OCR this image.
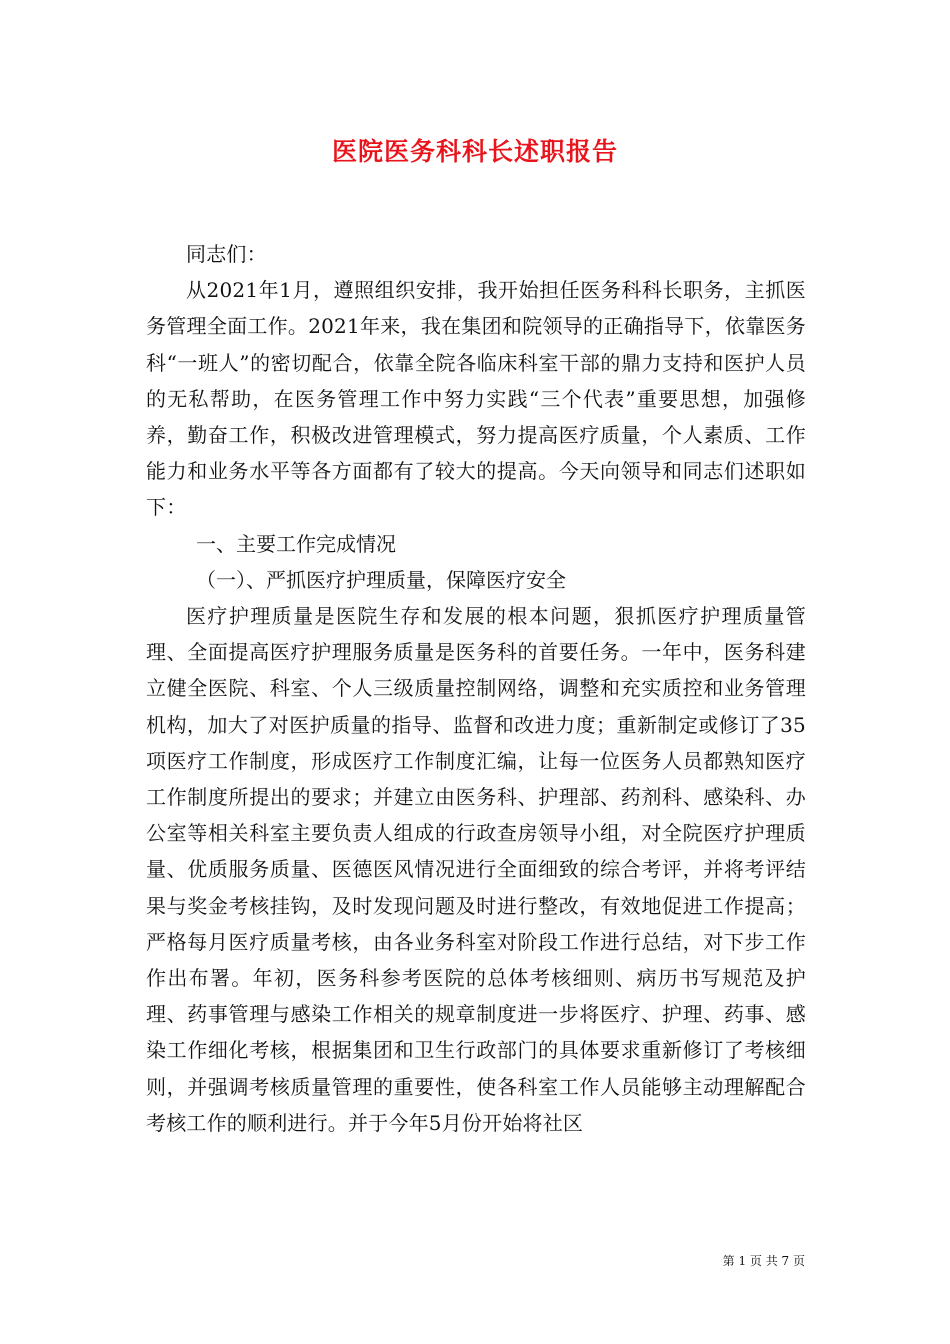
医院医务科科长述职报告

同志们：

从2021年1月，遵照组织安排，我开始担任医务科科长职务，主抓医务管理全面工作。2021年来，我在集团和院领导的正确指导下，依靠医务科“一班人”的密切配合，依靠全院各临床科室干部的鼎力支持和医护人员的无私帮助，在医务管理工作中努力实践“三个代表”重要思想，加强修养，勤奋工作，积极改进管理模式，努力提高医疗质量，个人素质、工作能力和业务水平等各方面都有了较大的提高。今天向领导和同志们述职如下：

一、主要工作完成情况

（一）、严抓医疗护理质量，保障医疗安全

医疗护理质量是医院生存和发展的根本问题，狠抓医疗护理质量管理、全面提高医疗护理服务质量是医务科的首要任务。一年中，医务科建立健全医院、科室、个人三级质量控制网络，调整和充实质控和业务管理机构，加大了对医护质量的指导、监督和改进力度；重新制定或修订了35项医疗工作制度，形成医疗工作制度汇编，让每一位医务人员都熟知医疗工作制度所提出的要求；并建立由医务科、护理部、药剂科、感染科、办公室等相关科室主要负责人组成的行政查房领导小组，对全院医疗护理质量、优质服务质量、医德医风情况进行全面细致的综合考评，并将考评结果与奖金考核挂钩，及时发现问题及时进行整改，有效地促进工作提高；严格每月医疗质量考核，由各业务科室对阶段工作进行总结，对下步工作作出布署。年初，医务科参考医院的总体考核细则、病历书写规范及护理、药事管理与感染工作相关的规章制度进一步将医疗、护理、药事、感染工作细化考核，根据集团和卫生行政部门的具体要求重新修订了考核细则，并强调考核质量管理的重要性，使各科室工作人员能够主动理解配合考核工作的顺利进行。并于今年5月份开始将社区

第 1 页 共 7 页
